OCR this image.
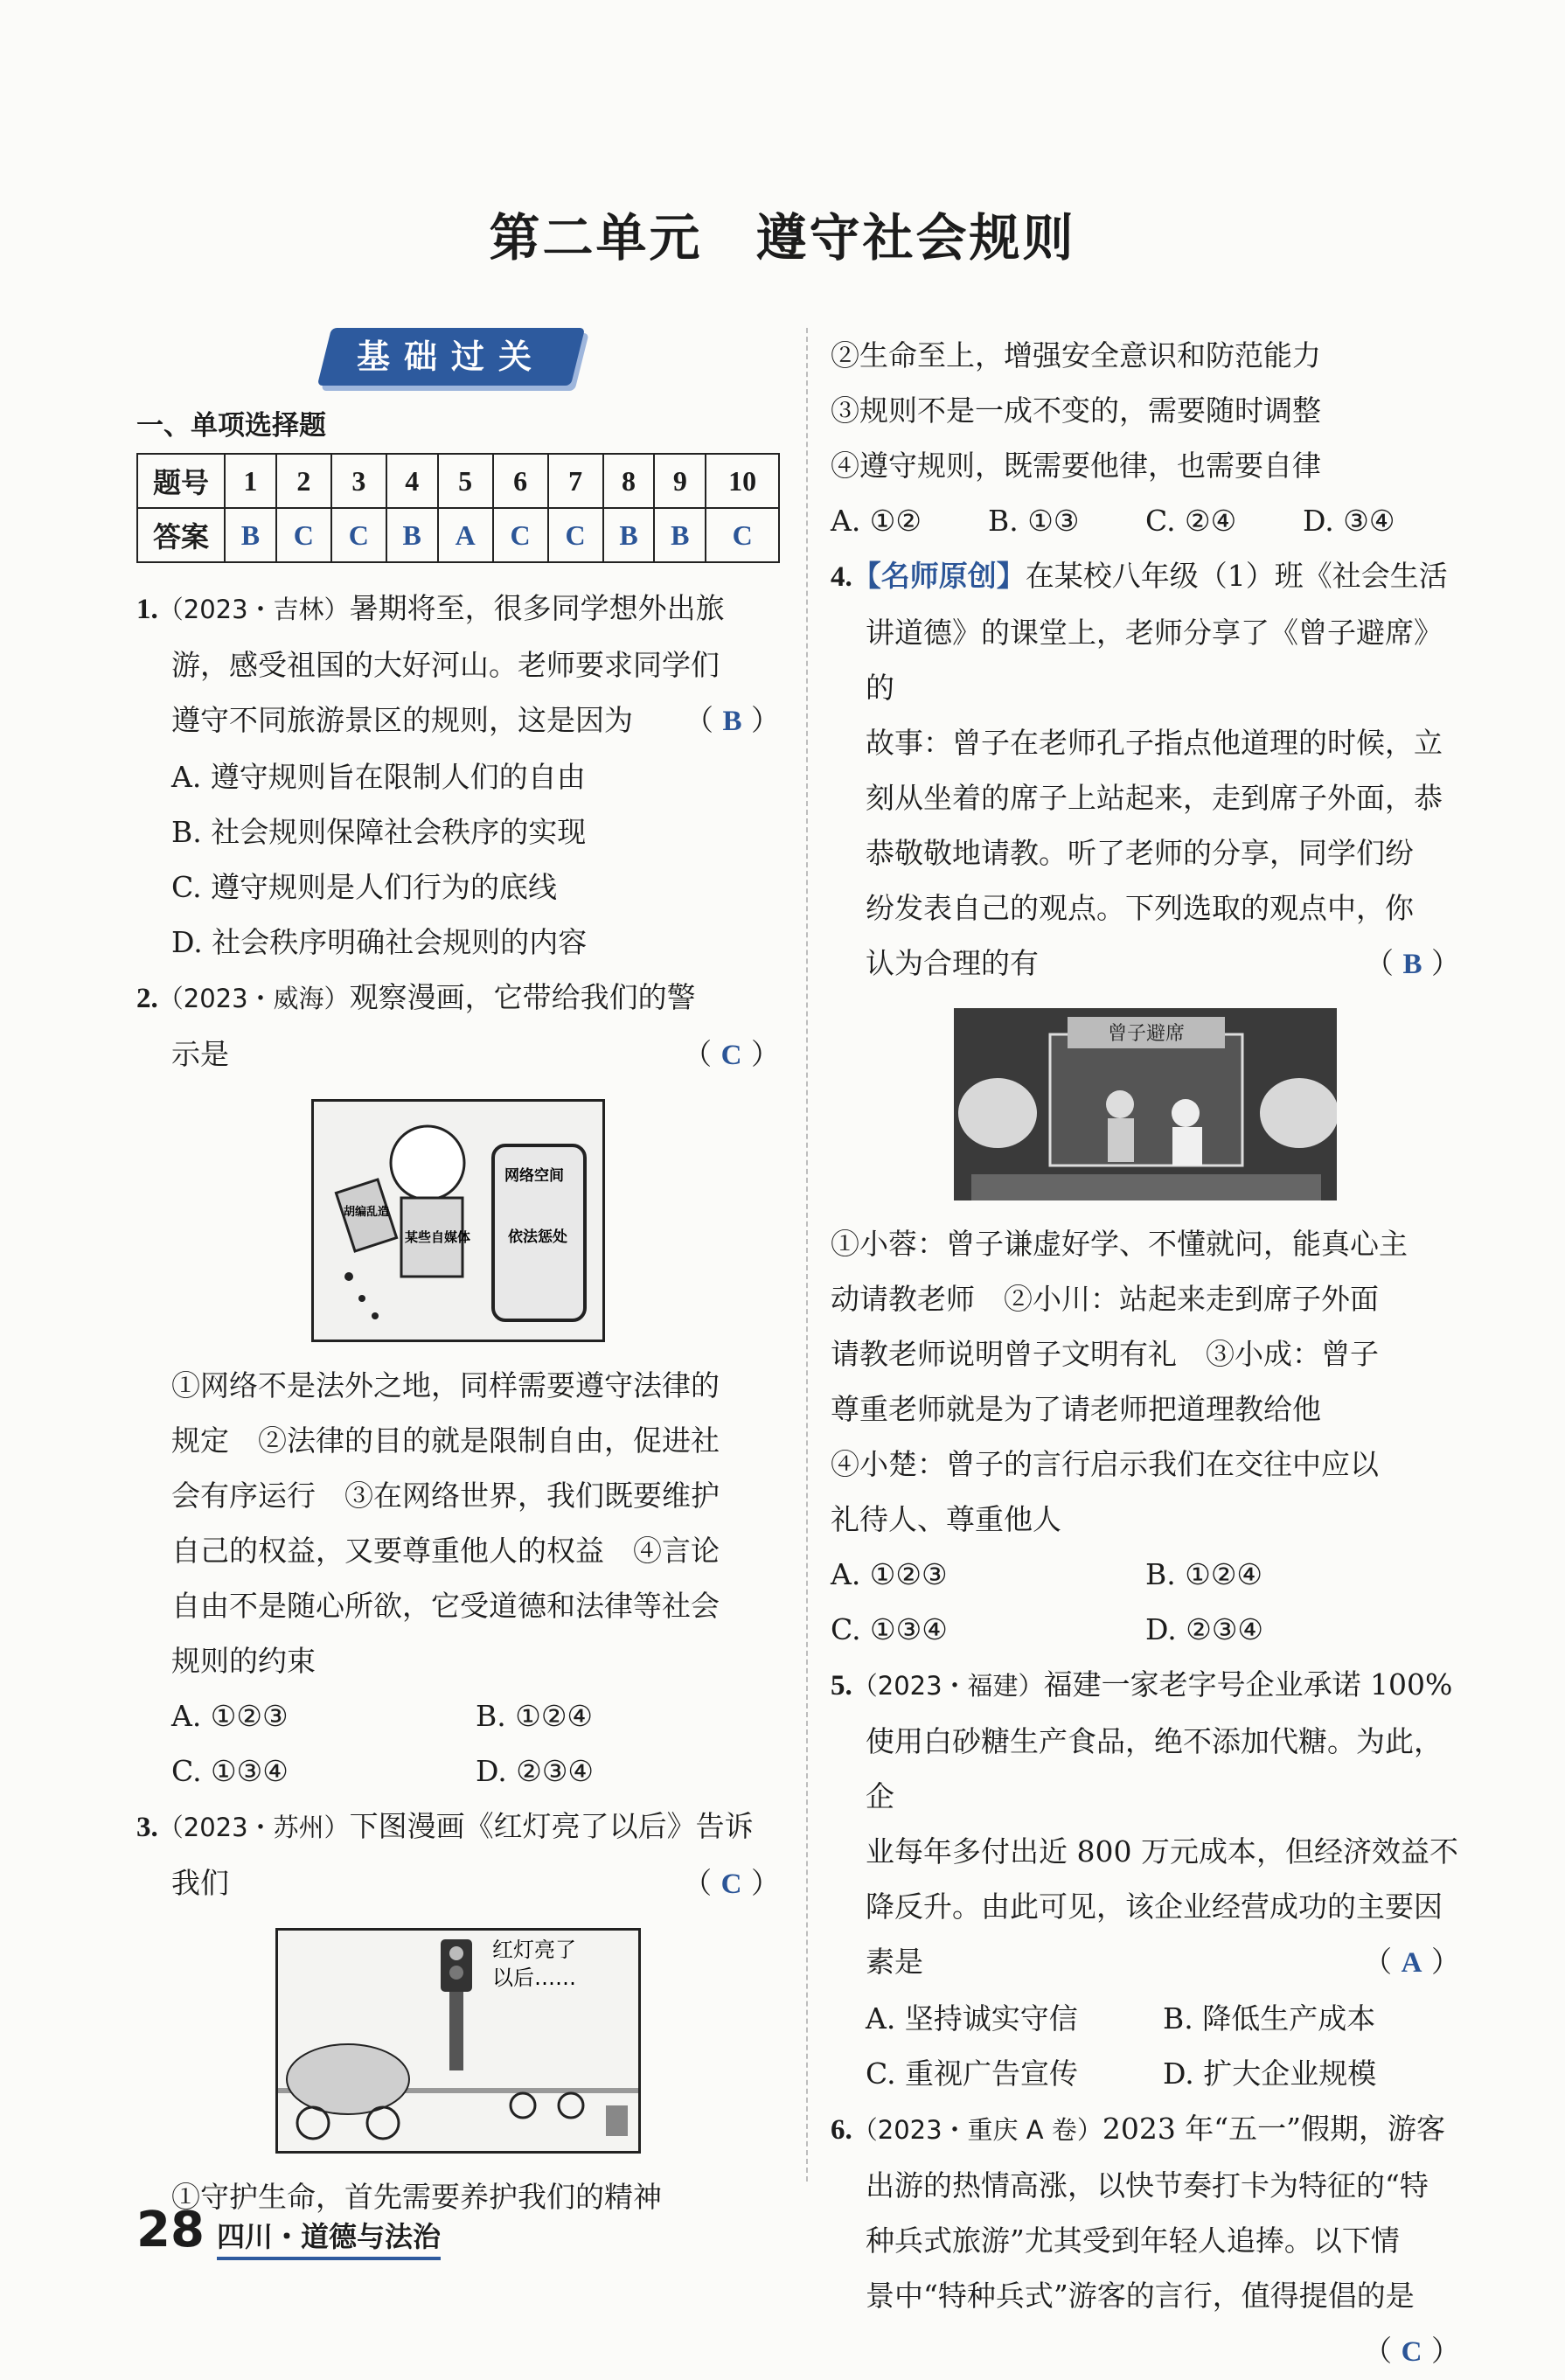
第二单元　遵守社会规则
基础过关
一、单项选择题
题号	1	2	3	4	5	6	7	8	9	10
答案	B	C	C	B	A	C	C	B	B	C

1.（2023・吉林）暑期将至，很多同学想外出旅

游，感受祖国的大好河山。老师要求同学们

遵守不同旅游景区的规则，这是因为 （ B ）

A. 遵守规则旨在限制人们的自由

B. 社会规则保障社会秩序的实现

C. 遵守规则是人们行为的底线

D. 社会秩序明确社会规则的内容

2.（2023・威海）观察漫画，它带给我们的警

示是	（ C ）

网络空间
依法惩处
某些自媒体
胡编乱造

①网络不是法外之地，同样需要遵守法律的

规定　②法律的目的就是限制自由，促进社

会有序运行　③在网络世界，我们既要维护

自己的权益，又要尊重他人的权益　④言论

自由不是随心所欲，它受道德和法律等社会

规则的约束

A. ①②③	B. ①②④
C. ①③④	D. ②③④

3.（2023・苏州）下图漫画《红灯亮了以后》告诉

我们	（ C ）

红灯亮了
以后……

①守护生命，首先需要养护我们的精神

②生命至上，增强安全意识和防范能力

③规则不是一成不变的，需要随时调整

④遵守规则，既需要他律，也需要自律

A. ①②	B. ①③	C. ②④	D. ③④

4.【名师原创】在某校八年级（1）班《社会生活

讲道德》的课堂上，老师分享了《曾子避席》的

故事：曾子在老师孔子指点他道理的时候，立

刻从坐着的席子上站起来，走到席子外面，恭

恭敬敬地请教。听了老师的分享，同学们纷

纷发表自己的观点。下列选取的观点中，你

认为合理的有	（ B ）

曾子避席

①小蓉：曾子谦虚好学、不懂就问，能真心主

动请教老师　②小川：站起来走到席子外面

请教老师说明曾子文明有礼　③小成：曾子

尊重老师就是为了请老师把道理教给他

④小楚：曾子的言行启示我们在交往中应以

礼待人、尊重他人

A. ①②③	B. ①②④
C. ①③④	D. ②③④

5.（2023・福建）福建一家老字号企业承诺 100%

使用白砂糖生产食品，绝不添加代糖。为此，企

业每年多付出近 800 万元成本，但经济效益不

降反升。由此可见，该企业经营成功的主要因

素是	（ A ）

A. 坚持诚实守信	B. 降低生产成本
C. 重视广告宣传	D. 扩大企业规模

6.（2023・重庆 A 卷）2023 年“五一”假期，游客

出游的热情高涨，以快节奏打卡为特征的“特

种兵式旅游”尤其受到年轻人追捧。以下情

景中“特种兵式”游客的言行，值得提倡的是

（ C ）

28 四川・道德与法治
